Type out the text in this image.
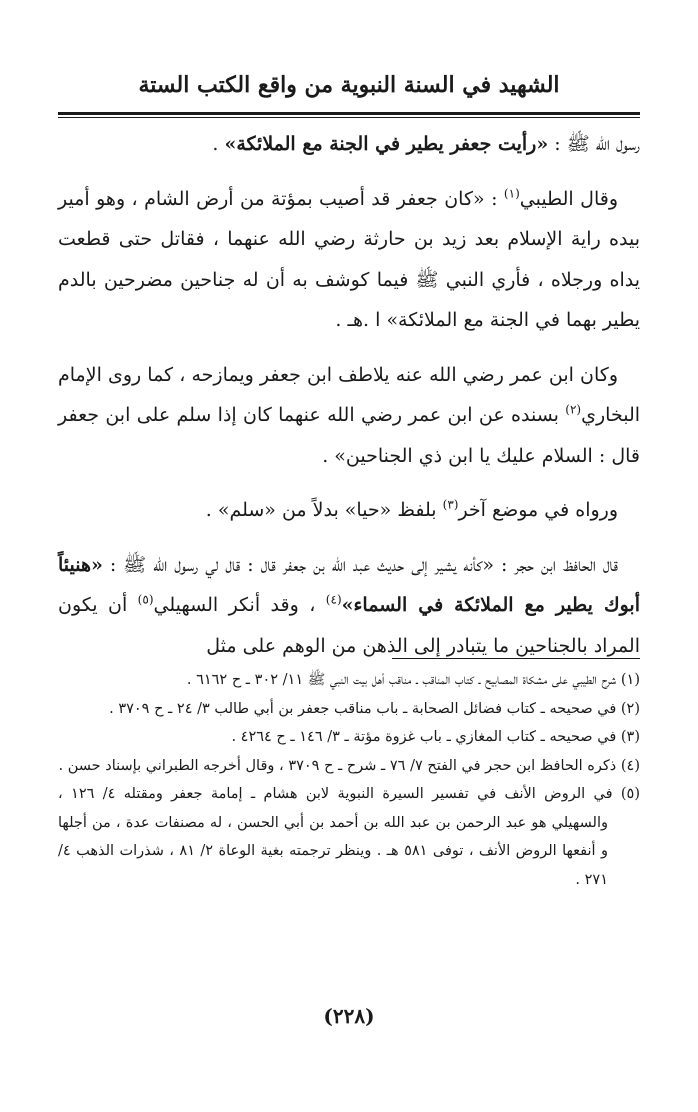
الشهيد في السنة النبوية من واقع الكتب الستة

رسول الله ﷺ : «رأيت جعفر يطير في الجنة مع الملائكة» .

وقال الطيبي$^{(١)}$ : «كان جعفر قد أصيب بمؤتة من أرض الشام ، وهو أمير بيده راية الإسلام بعد زيد بن حارثة رضي الله عنهما ، فقاتل حتى قطعت يداه ورجلاه ، فأري النبي ﷺ فيما كوشف به أن له جناحين مضرحين بالدم يطير بهما في الجنة مع الملائكة» ا .هـ .

وكان ابن عمر رضي الله عنه يلاطف ابن جعفر ويمازحه ، كما روى الإمام البخاري$^{(٢)}$ بسنده عن ابن عمر رضي الله عنهما كان إذا سلم على ابن جعفر قال : السلام عليك يا ابن ذي الجناحين» .

ورواه في موضع آخر$^{(٣)}$ بلفظ «حيا» بدلاً من «سلم» .

قال الحافظ ابن حجر : «كأنه يشير إلى حديث عبد الله بن جعفر قال : قال لي رسول الله ﷺ : «هنيئاً أبوك يطير مع الملائكة في السماء»$^{(٤)}$ ، وقد أنكر السهيلي$^{(٥)}$ أن يكون المراد بالجناحين ما يتبادر إلى الذهن من الوهم على مثل

(١) شرح الطيبي على مشكاة المصابيح ـ كتاب المناقب ـ مناقب أهل بيت النبي ﷺ ١١/ ٣٠٢ ـ ح ٦١٦٢ .

(٢) في صحيحه ـ كتاب فضائل الصحابة ـ باب مناقب جعفر بن أبي طالب ٣/ ٢٤ ـ ح ٣٧٠٩ .

(٣) في صحيحه ـ كتاب المغازي ـ باب غزوة مؤتة ـ ٣/ ١٤٦ ـ ح ٤٢٦٤ .

(٤) ذكره الحافظ ابن حجر في الفتح ٧/ ٧٦ ـ شرح ـ ح ٣٧٠٩ ، وقال أخرجه الطبراني بإسناد حسن .

(٥) في الروض الأنف في تفسير السيرة النبوية لابن هشام ـ إمامة جعفر ومقتله ٤/ ١٢٦ ، والسهيلي هو عبد الرحمن بن عبد الله بن أحمد بن أبي الحسن ، له مصنفات عدة ، من أجلها و أنفعها الروض الأنف ، توفى ٥٨١ هـ . وينظر ترجمته بغية الوعاة ٢/ ٨١ ، شذرات الذهب ٤/ ٢٧١ .

(٢٢٨)
